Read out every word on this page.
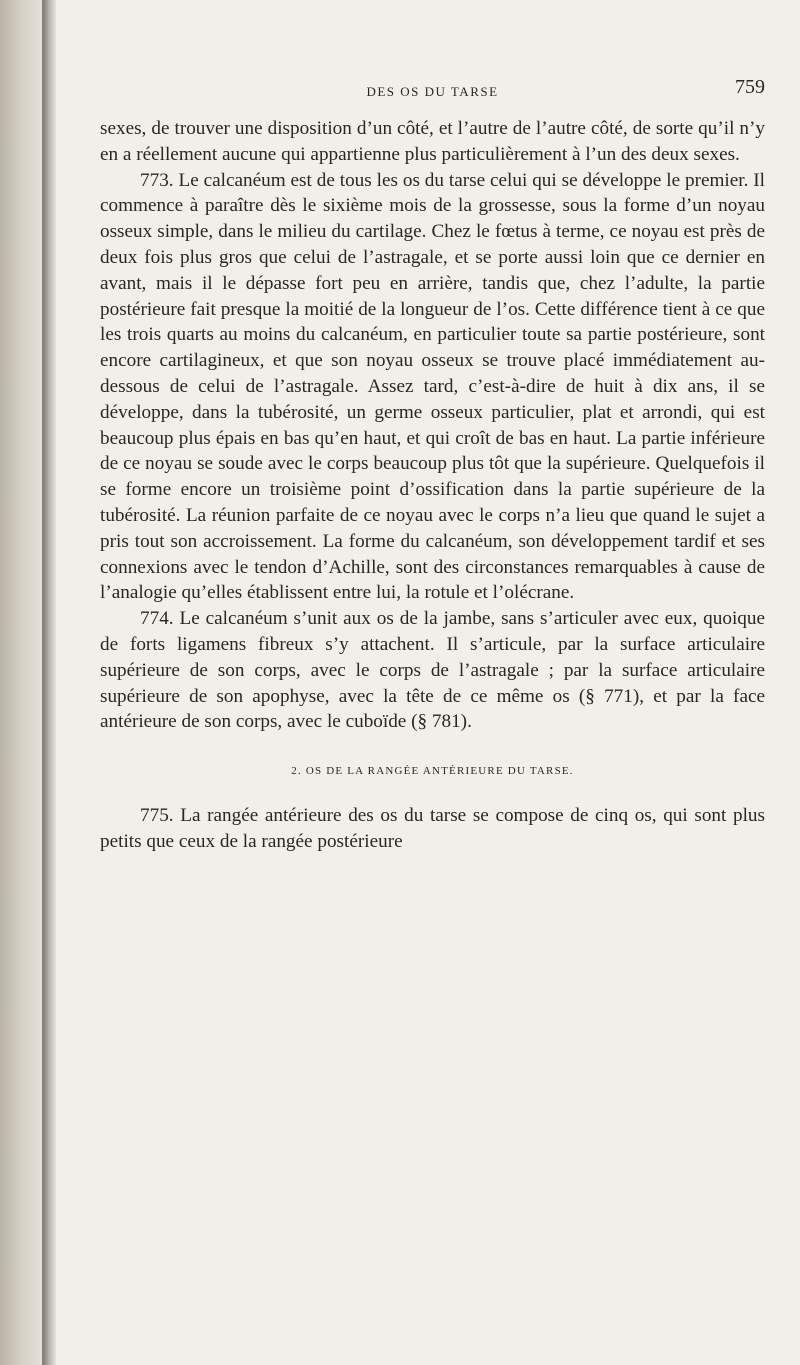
DES OS DU TARSE	759

sexes, de trouver une disposition d’un côté, et l’autre de l’autre côté, de sorte qu’il n’y en a réellement aucune qui appartienne plus particulièrement à l’un des deux sexes.

773. Le calcanéum est de tous les os du tarse celui qui se développe le premier. Il commence à paraître dès le sixième mois de la grossesse, sous la forme d’un noyau osseux simple, dans le milieu du cartilage. Chez le fœtus à terme, ce noyau est près de deux fois plus gros que celui de l’astragale, et se porte aussi loin que ce dernier en avant, mais il le dépasse fort peu en arrière, tandis que, chez l’adulte, la partie postérieure fait presque la moitié de la longueur de l’os. Cette différence tient à ce que les trois quarts au moins du calcanéum, en particulier toute sa partie postérieure, sont encore cartilagineux, et que son noyau osseux se trouve placé immédiatement au-dessous de celui de l’astragale. Assez tard, c’est-à-dire de huit à dix ans, il se développe, dans la tubérosité, un germe osseux particulier, plat et arrondi, qui est beaucoup plus épais en bas qu’en haut, et qui croît de bas en haut. La partie inférieure de ce noyau se soude avec le corps beaucoup plus tôt que la supérieure. Quelquefois il se forme encore un troisième point d’ossification dans la partie supérieure de la tubérosité. La réunion parfaite de ce noyau avec le corps n’a lieu que quand le sujet a pris tout son accroissement. La forme du calcanéum, son développement tardif et ses connexions avec le tendon d’Achille, sont des circonstances remarquables à cause de l’analogie qu’elles établissent entre lui, la rotule et l’olécrane.

774. Le calcanéum s’unit aux os de la jambe, sans s’articuler avec eux, quoique de forts ligamens fibreux s’y attachent. Il s’articule, par la surface articulaire supérieure de son corps, avec le corps de l’astragale ; par la surface articulaire supérieure de son apophyse, avec la tête de ce même os (§ 771), et par la face antérieure de son corps, avec le cuboïde (§ 781).

2. OS DE LA RANGÉE ANTÉRIEURE DU TARSE.

775. La rangée antérieure des os du tarse se compose de cinq os, qui sont plus petits que ceux de la rangée postérieure
